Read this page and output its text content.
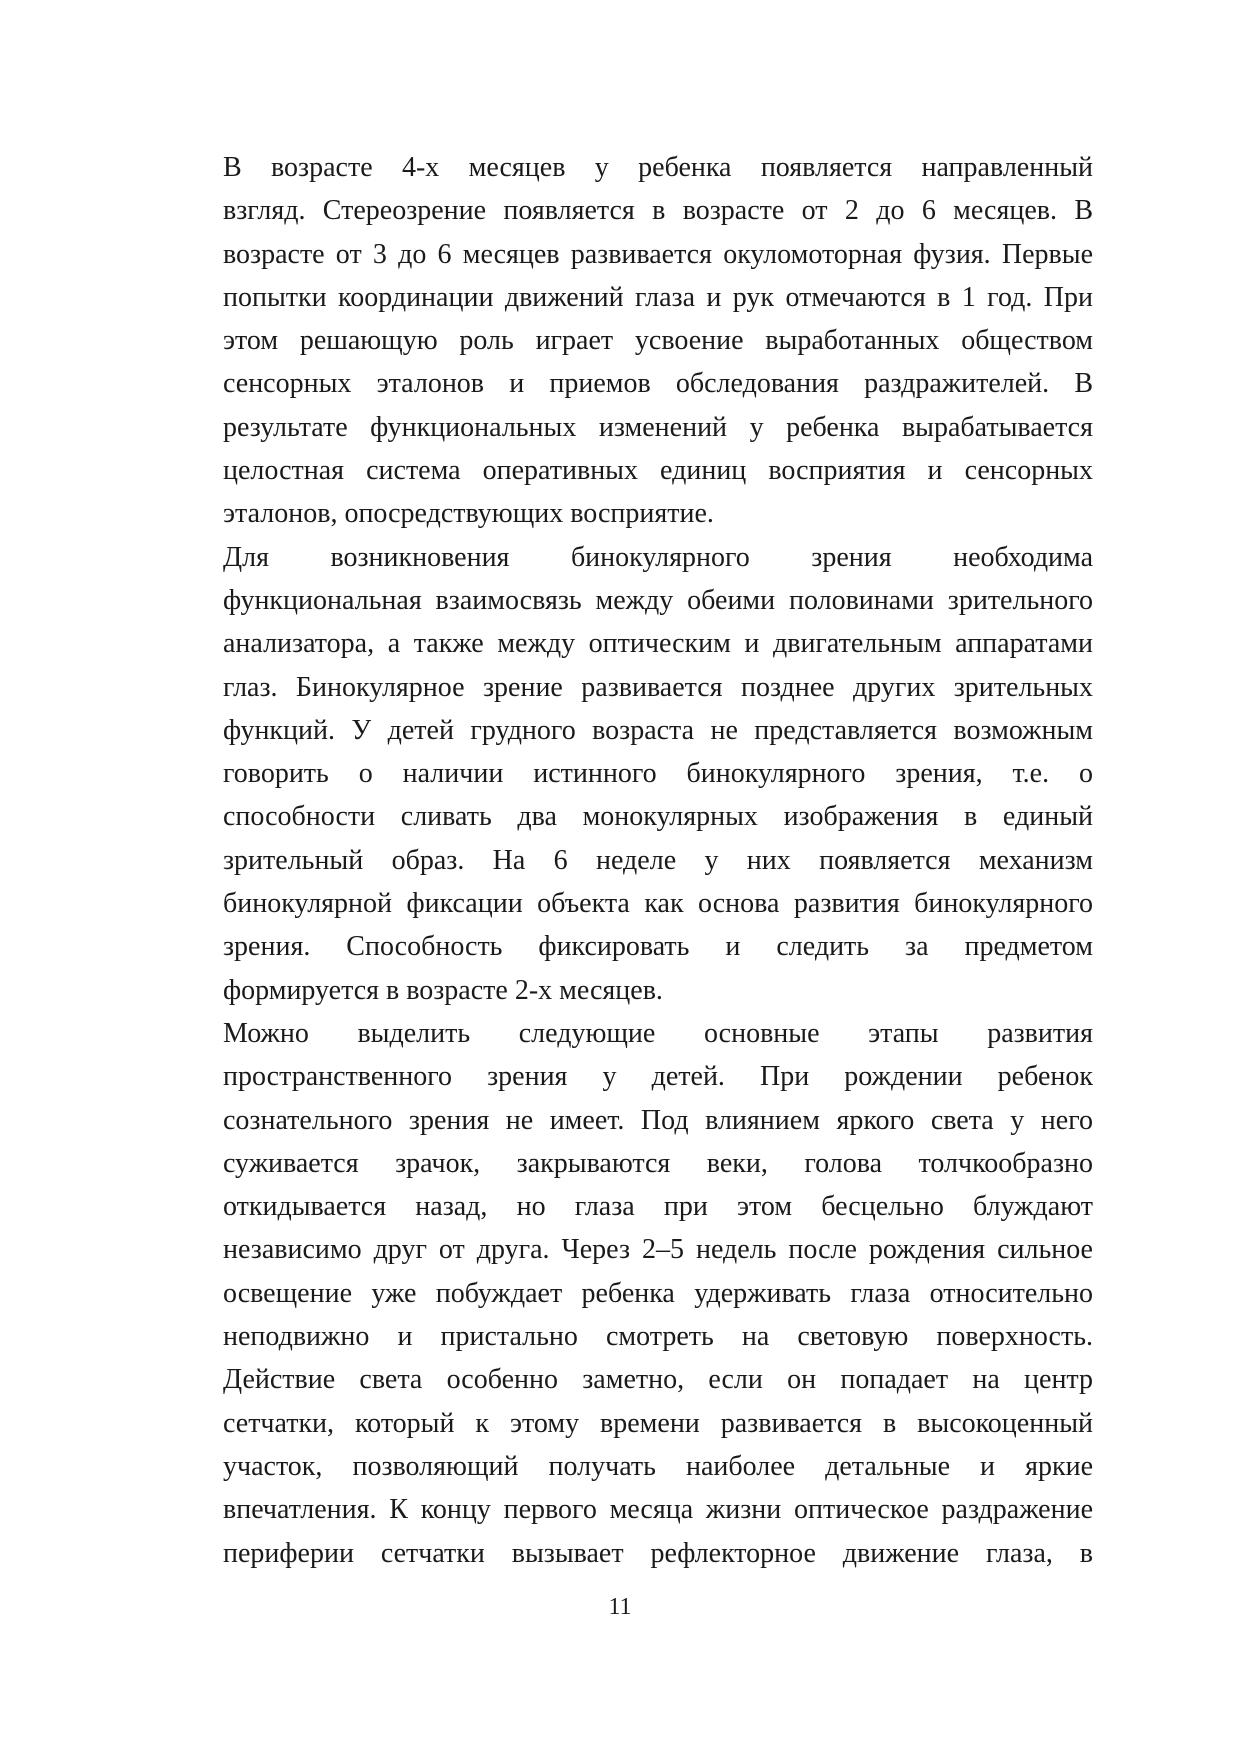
В возрасте 4-х месяцев у ребенка появляется направленный
взгляд. Стереозрение появляется в возрасте от 2 до 6 месяцев. В
возрасте от 3 до 6 месяцев развивается окуломоторная фузия. Первые
попытки координации движений глаза и рук отмечаются в 1 год. При
этом решающую роль играет усвоение выработанных обществом
сенсорных эталонов и приемов обследования раздражителей. В
результате функциональных изменений у ребенка вырабатывается
целостная система оперативных единиц восприятия и сенсорных
эталонов, опосредствующих восприятие.

Для возникновения бинокулярного зрения необходима
функциональная взаимосвязь между обеими половинами зрительного
анализатора, а также между оптическим и двигательным аппаратами
глаз. Бинокулярное зрение развивается позднее других зрительных
функций. У детей грудного возраста не представляется возможным
говорить о наличии истинного бинокулярного зрения, т.е. о
способности сливать два монокулярных изображения в единый
зрительный образ. На 6 неделе у них появляется механизм
бинокулярной фиксации объекта как основа развития бинокулярного
зрения. Способность фиксировать и следить за предметом
формируется в возрасте 2-х месяцев.

Можно выделить следующие основные этапы развития
пространственного зрения у детей. При рождении ребенок
сознательного зрения не имеет. Под влиянием яркого света у него
суживается зрачок, закрываются веки, голова толчкообразно
откидывается назад, но глаза при этом бесцельно блуждают
независимо друг от друга. Через 2–5 недель после рождения сильное
освещение уже побуждает ребенка удерживать глаза относительно
неподвижно и пристально смотреть на световую поверхность.
Действие света особенно заметно, если он попадает на центр
сетчатки, который к этому времени развивается в высокоценный
участок, позволяющий получать наиболее детальные и яркие
впечатления. К концу первого месяца жизни оптическое раздражение
периферии сетчатки вызывает рефлекторное движение глаза, в

11
